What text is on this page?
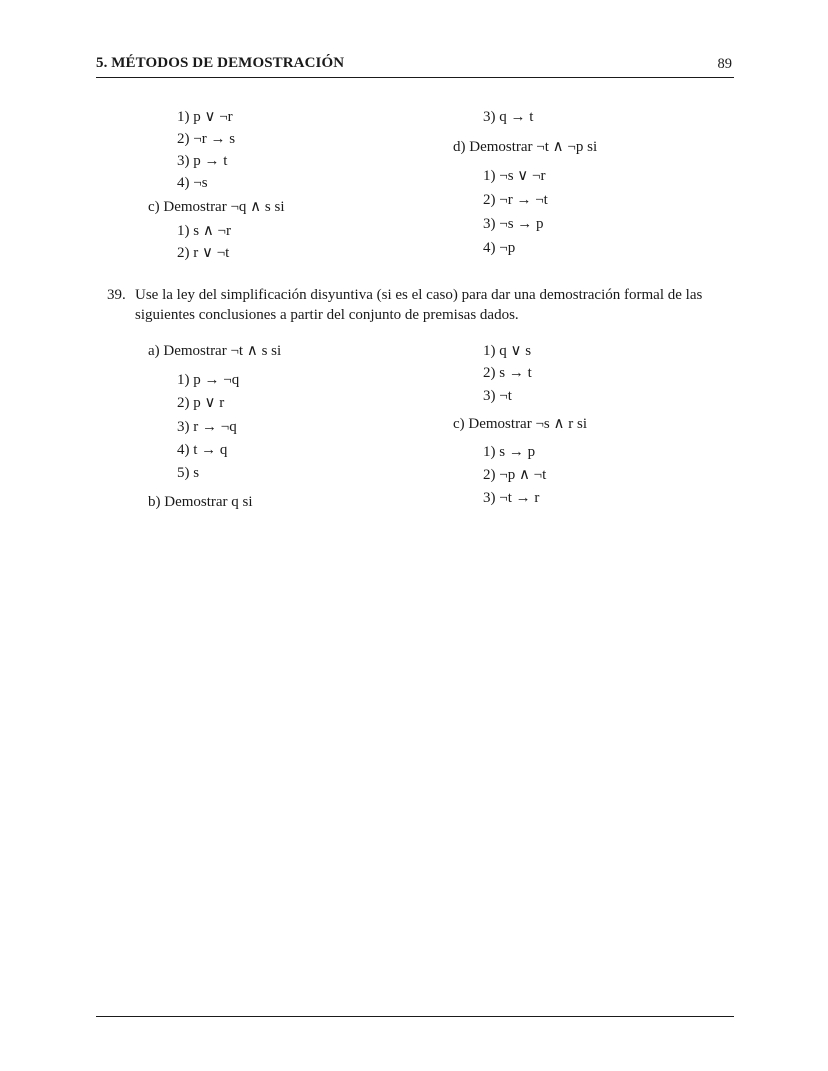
5. MÉTODOS DE DEMOSTRACIÓN	89
1) p ∨ ¬r
2) ¬r → s
3) p → t
4) ¬s
c) Demostrar ¬q ∧ s si
1) s ∧ ¬r
2) r ∨ ¬t
3) q → t
d) Demostrar ¬t ∧ ¬p si
1) ¬s ∨ ¬r
2) ¬r → ¬t
3) ¬s → p
4) ¬p
39. Use la ley del simplificación disyuntiva (si es el caso) para dar una demostración formal de las siguientes conclusiones a partir del conjunto de premisas dados.
a) Demostrar ¬t ∧ s si
1) p → ¬q
2) p ∨ r
3) r → ¬q
4) t → q
5) s
b) Demostrar q si
1) q ∨ s
2) s → t
3) ¬t
c) Demostrar ¬s ∧ r si
1) s → p
2) ¬p ∧ ¬t
3) ¬t → r
